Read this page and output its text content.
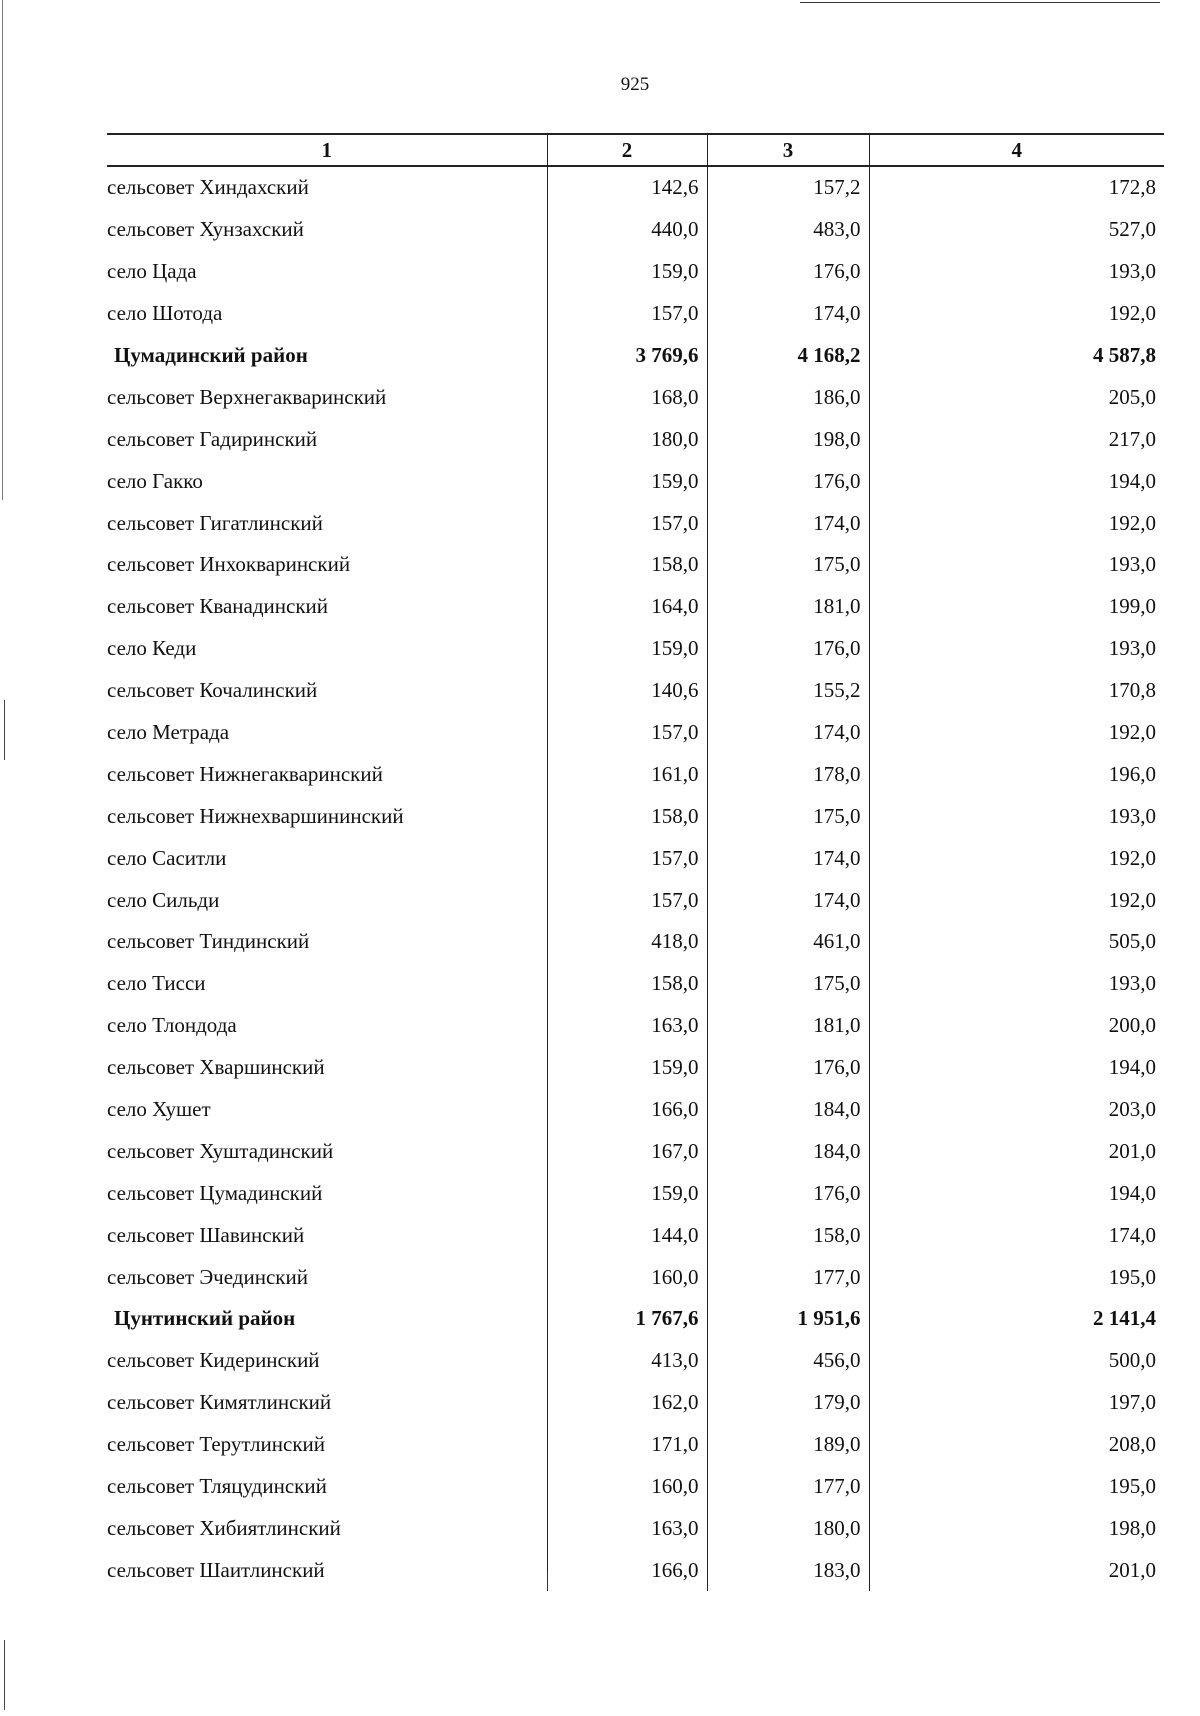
925
1	2	3	4
сельсовет Хиндахский	142,6	157,2	172,8
сельсовет Хунзахский	440,0	483,0	527,0
село Цада	159,0	176,0	193,0
село Шотода	157,0	174,0	192,0
Цумадинский район	3 769,6	4 168,2	4 587,8
сельсовет Верхнегакваринский	168,0	186,0	205,0
сельсовет Гадиринский	180,0	198,0	217,0
село Гакко	159,0	176,0	194,0
сельсовет Гигатлинский	157,0	174,0	192,0
сельсовет Инхокваринский	158,0	175,0	193,0
сельсовет Кванадинский	164,0	181,0	199,0
село Кеди	159,0	176,0	193,0
сельсовет Кочалинский	140,6	155,2	170,8
село Метрада	157,0	174,0	192,0
сельсовет Нижнегакваринский	161,0	178,0	196,0
сельсовет Нижнехваршининский	158,0	175,0	193,0
село Саситли	157,0	174,0	192,0
село Сильди	157,0	174,0	192,0
сельсовет Тиндинский	418,0	461,0	505,0
село Тисси	158,0	175,0	193,0
село Тлондода	163,0	181,0	200,0
сельсовет Хваршинский	159,0	176,0	194,0
село Хушет	166,0	184,0	203,0
сельсовет Хуштадинский	167,0	184,0	201,0
сельсовет Цумадинский	159,0	176,0	194,0
сельсовет Шавинский	144,0	158,0	174,0
сельсовет Эчединский	160,0	177,0	195,0
Цунтинский район	1 767,6	1 951,6	2 141,4
сельсовет Кидеринский	413,0	456,0	500,0
сельсовет Кимятлинский	162,0	179,0	197,0
сельсовет Терутлинский	171,0	189,0	208,0
сельсовет Тляцудинский	160,0	177,0	195,0
сельсовет Хибиятлинский	163,0	180,0	198,0
сельсовет Шаитлинский	166,0	183,0	201,0
